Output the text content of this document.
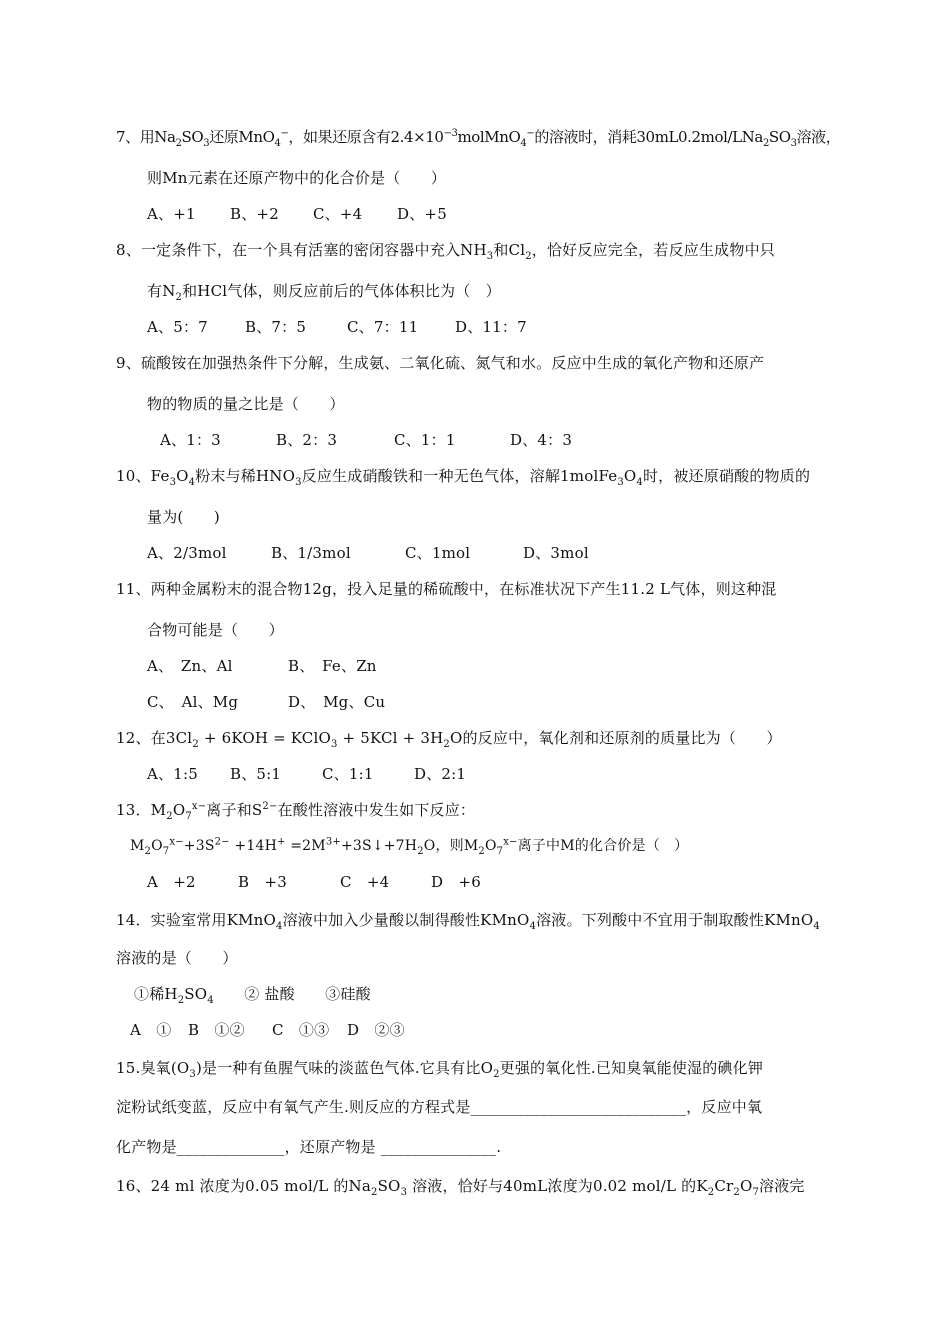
7、用$Na_2SO_3$还原MnO$_4$−，如果还原含有$2.4\times 10^{-3}molMnO_4^-$的溶液时，消耗$30mL0.2mol/LNa_2SO_3$溶液，
则Mn元素在还原产物中的化合价是（　　）
A、+1 B、+2 C、+4 D、+5
8、一定条件下，在一个具有活塞的密闭容器中充入$NH_3$和$Cl_2$，恰好反应完全，若反应生成物中只
有$N_2$和HCl气体，则反应前后的气体体积比为（　）
A、5：7 B、7：5	C、7：11 D、11：7
9、硫酸铵在加强热条件下分解，生成氨、二氧化硫、氮气和水。反应中生成的氧化产物和还原产
物的物质的量之比是（　　）
A、1：3	B、2：3	C、1：1	D、4：3
10、$Fe_3O_4$粉末与稀$HNO_3$反应生成硝酸铁和一种无色气体，溶解$1molFe_3O_4$时，被还原硝酸的物质的
量为(　　)
A、2/3mol	B、1/3mol	C、1mol	D、3mol
11、两种金属粉末的混合物12g，投入足量的稀硫酸中，在标准状况下产生11.2 L气体，则这种混
合物可能是（　　）
A、　Zn、Al	B、　Fe、Zn
C、　Al、Mg	D、　Mg、Cu
12、在$3Cl_2 + 6KOH$ = KClO$_3$ + $5KCl + 3H_2O$的反应中，氧化剂和还原剂的质量比为（　　）
A、1:5 B、5:1	C、1:1	D、2:1
13．$M_2O_7^{x-}$离子和$S^{2-}$在酸性溶液中发生如下反应：
$M_2O_7^{x-}+3S^{2-} +14H^+$ $=2M^{3+}+3S↓+7H_2O$，则$M_2O_7^{x-}$离子中M的化合价是（　）
A　+2	B　+3	C　+4	D　+6
14．实验室常用KMnO$_4$溶液中加入少量酸以制得酸性KMnO$_4$溶液。下列酸中不宜用于制取酸性KMnO$_4$
溶液的是（　　）
①稀$H_2SO_4$　　② 盐酸　　③硅酸
A　① B　①② C　①③ D　②③
15.臭氧$(O_3)$是一种有鱼腥气味的淡蓝色气体.它具有比$O_2$更强的氧化性.已知臭氧能使湿的碘化钾
淀粉试纸变蓝，反应中有氧气产生.则反应的方程式是____________________________，反应中氧
化产物是______________，还原产物是 _______________.
16、24 ml 浓度为0.05 mol/L 的$Na_2SO_3$ 溶液，恰好与40mL浓度为0.02 mol/L 的$K_2Cr_2O_7$溶液完
